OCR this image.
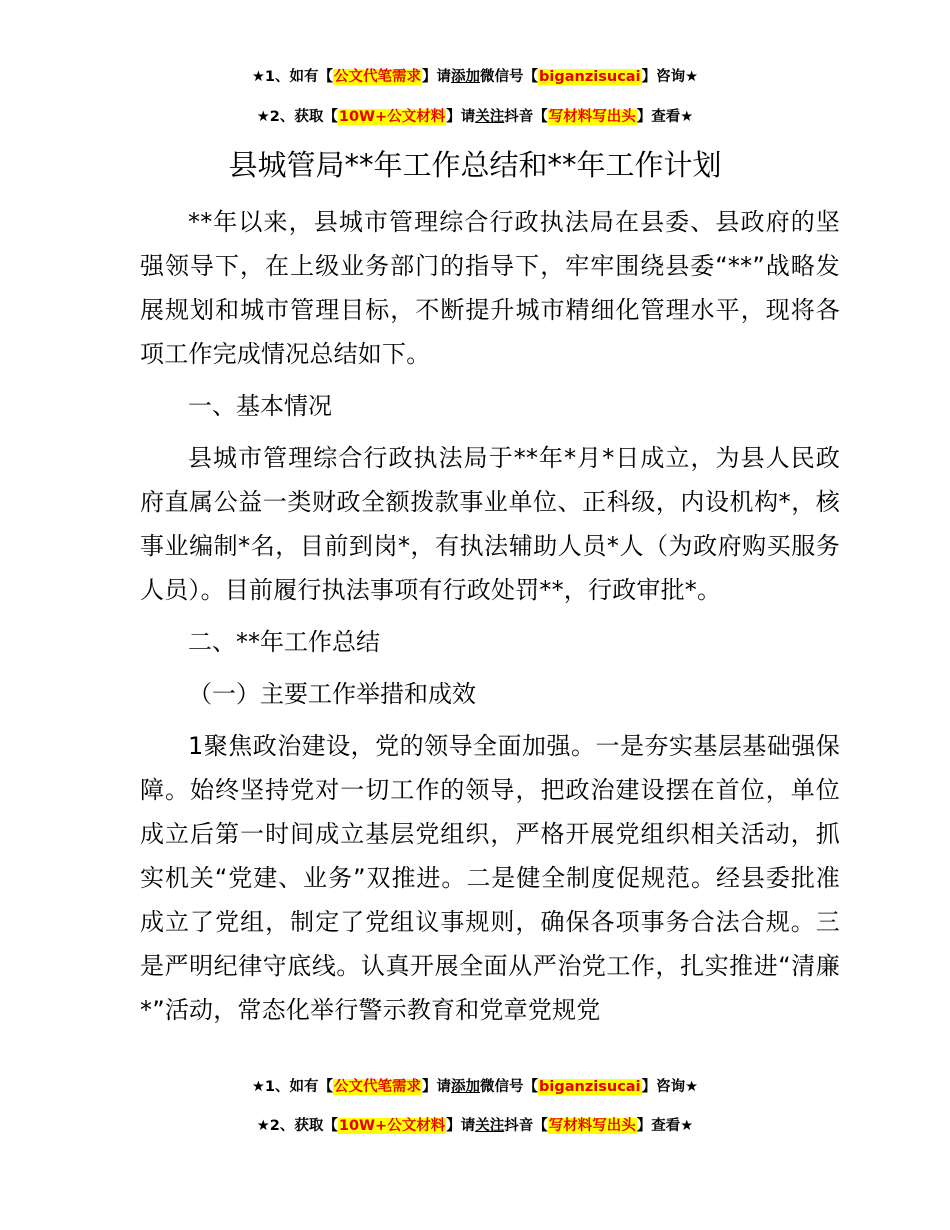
★1、如有【公文代笔需求】请添加微信号【biganzisucai】咨询★
★2、获取【10W+公文材料】请关注抖音【写材料写出头】查看★
县城管局**年工作总结和**年工作计划

**年以来，县城市管理综合行政执法局在县委、县政府的坚强领导下，在上级业务部门的指导下，牢牢围绕县委“**”战略发展规划和城市管理目标，不断提升城市精细化管理水平，现将各项工作完成情况总结如下。

一、基本情况

县城市管理综合行政执法局于**年*月*日成立，为县人民政府直属公益一类财政全额拨款事业单位、正科级，内设机构*，核事业编制*名，目前到岗*，有执法辅助人员*人（为政府购买服务人员）。目前履行执法事项有行政处罚**，行政审批*。

二、**年工作总结

（一）主要工作举措和成效

1聚焦政治建设，党的领导全面加强。一是夯实基层基础强保障。始终坚持党对一切工作的领导，把政治建设摆在首位，单位成立后第一时间成立基层党组织，严格开展党组织相关活动，抓实机关“党建、业务”双推进。二是健全制度促规范。经县委批准成立了党组，制定了党组议事规则，确保各项事务合法合规。三是严明纪律守底线。认真开展全面从严治党工作，扎实推进“清廉*”活动，常态化举行警示教育和党章党规党

★1、如有【公文代笔需求】请添加微信号【biganzisucai】咨询★
★2、获取【10W+公文材料】请关注抖音【写材料写出头】查看★
